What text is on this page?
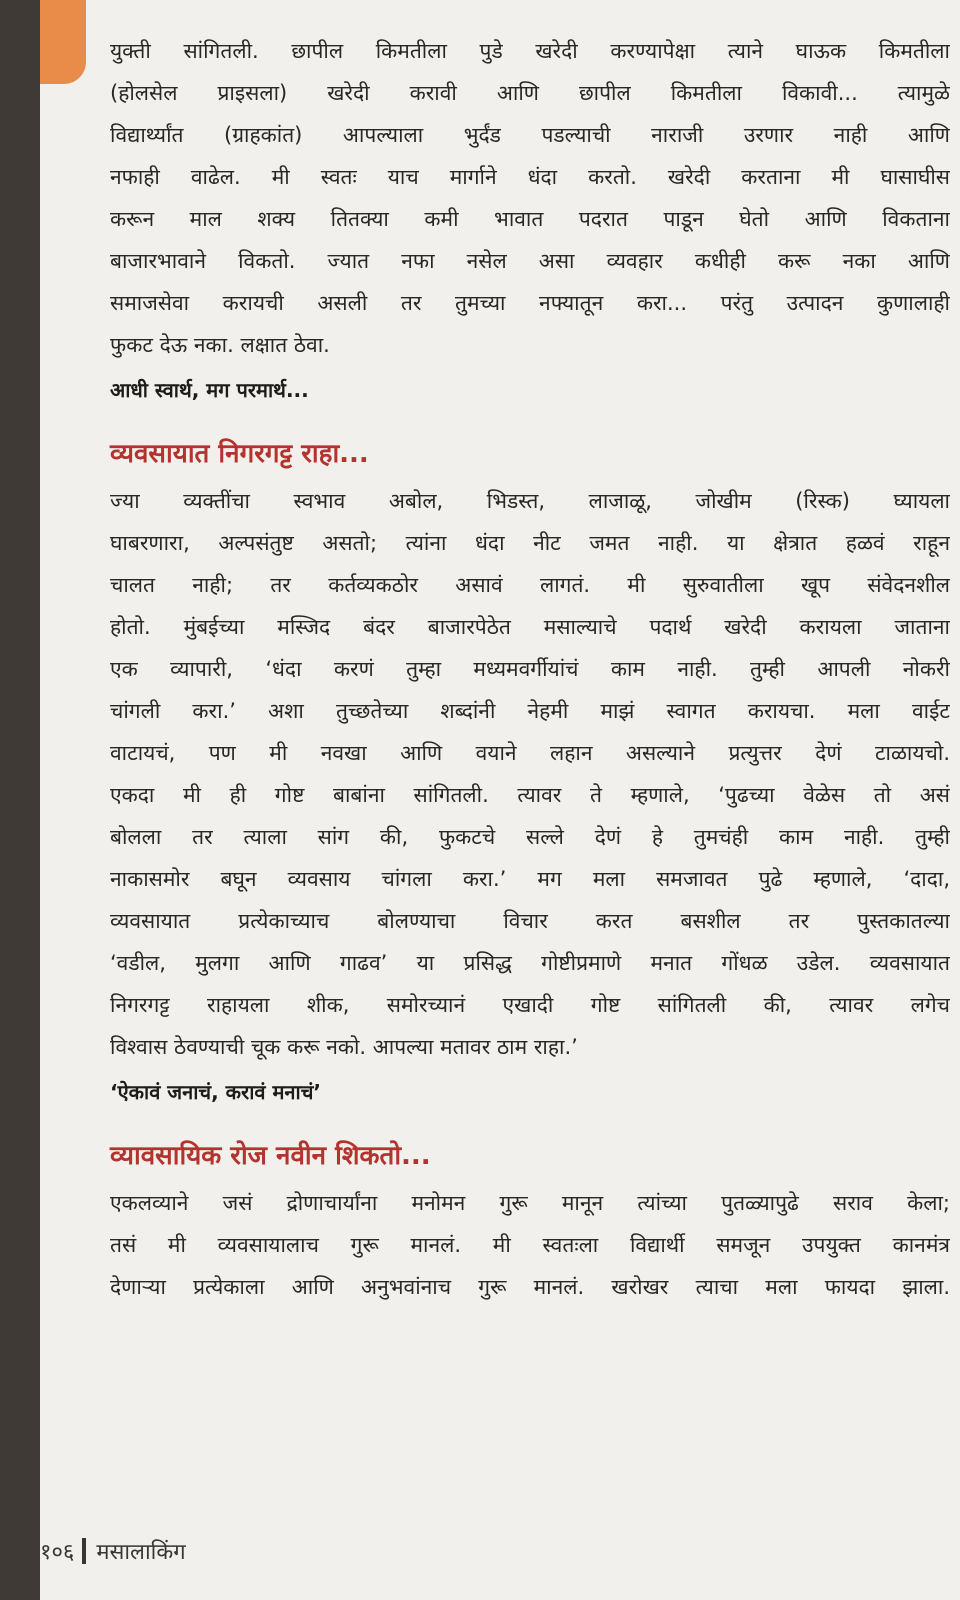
युक्ती सांगितली. छापील किमतीला पुडे खरेदी करण्यापेक्षा त्याने घाऊक किमतीला
(होलसेल प्राइसला) खरेदी करावी आणि छापील किमतीला विकावी... त्यामुळे
विद्यार्थ्यांत (ग्राहकांत) आपल्याला भुर्दंड पडल्याची नाराजी उरणार नाही आणि
नफाही वाढेल. मी स्वतः याच मार्गाने धंदा करतो. खरेदी करताना मी घासाघीस
करून माल शक्य तितक्या कमी भावात पदरात पाडून घेतो आणि विकताना
बाजारभावाने विकतो. ज्यात नफा नसेल असा व्यवहार कधीही करू नका आणि
समाजसेवा करायची असली तर तुमच्या नफ्यातून करा... परंतु उत्पादन कुणालाही
फुकट देऊ नका. लक्षात ठेवा.
आधी स्वार्थ, मग परमार्थ...
व्यवसायात निगरगट्ट राहा...
ज्या व्यक्तींचा स्वभाव अबोल, भिडस्त, लाजाळू, जोखीम (रिस्क) घ्यायला
घाबरणारा, अल्पसंतुष्ट असतो; त्यांना धंदा नीट जमत नाही. या क्षेत्रात हळवं राहून
चालत नाही; तर कर्तव्यकठोर असावं लागतं. मी सुरुवातीला खूप संवेदनशील
होतो. मुंबईच्या मस्जिद बंदर बाजारपेठेत मसाल्याचे पदार्थ खरेदी करायला जाताना
एक व्यापारी, ‘धंदा करणं तुम्हा मध्यमवर्गीयांचं काम नाही. तुम्ही आपली नोकरी
चांगली करा.’ अशा तुच्छतेच्या शब्दांनी नेहमी माझं स्वागत करायचा. मला वाईट
वाटायचं, पण मी नवखा आणि वयाने लहान असल्याने प्रत्युत्तर देणं टाळायचो.
एकदा मी ही गोष्ट बाबांना सांगितली. त्यावर ते म्हणाले, ‘पुढच्या वेळेस तो असं
बोलला तर त्याला सांग की, फुकटचे सल्ले देणं हे तुमचंही काम नाही. तुम्ही
नाकासमोर बघून व्यवसाय चांगला करा.’ मग मला समजावत पुढे म्हणाले, ‘दादा,
व्यवसायात प्रत्येकाच्याच बोलण्याचा विचार करत बसशील तर पुस्तकातल्या
‘वडील, मुलगा आणि गाढव’ या प्रसिद्ध गोष्टीप्रमाणे मनात गोंधळ उडेल. व्यवसायात
निगरगट्ट राहायला शीक, समोरच्यानं एखादी गोष्ट सांगितली की, त्यावर लगेच
विश्वास ठेवण्याची चूक करू नको. आपल्या मतावर ठाम राहा.’
‘ऐकावं जनाचं, करावं मनाचं’
व्यावसायिक रोज नवीन शिकतो...
एकलव्याने जसं द्रोणाचार्यांना मनोमन गुरू मानून त्यांच्या पुतळ्यापुढे सराव केला;
तसं मी व्यवसायालाच गुरू मानलं. मी स्वतःला विद्यार्थी समजून उपयुक्त कानमंत्र
देणाऱ्या प्रत्येकाला आणि अनुभवांनाच गुरू मानलं. खरोखर त्याचा मला फायदा झाला.
१०६ मसालाकिंग
